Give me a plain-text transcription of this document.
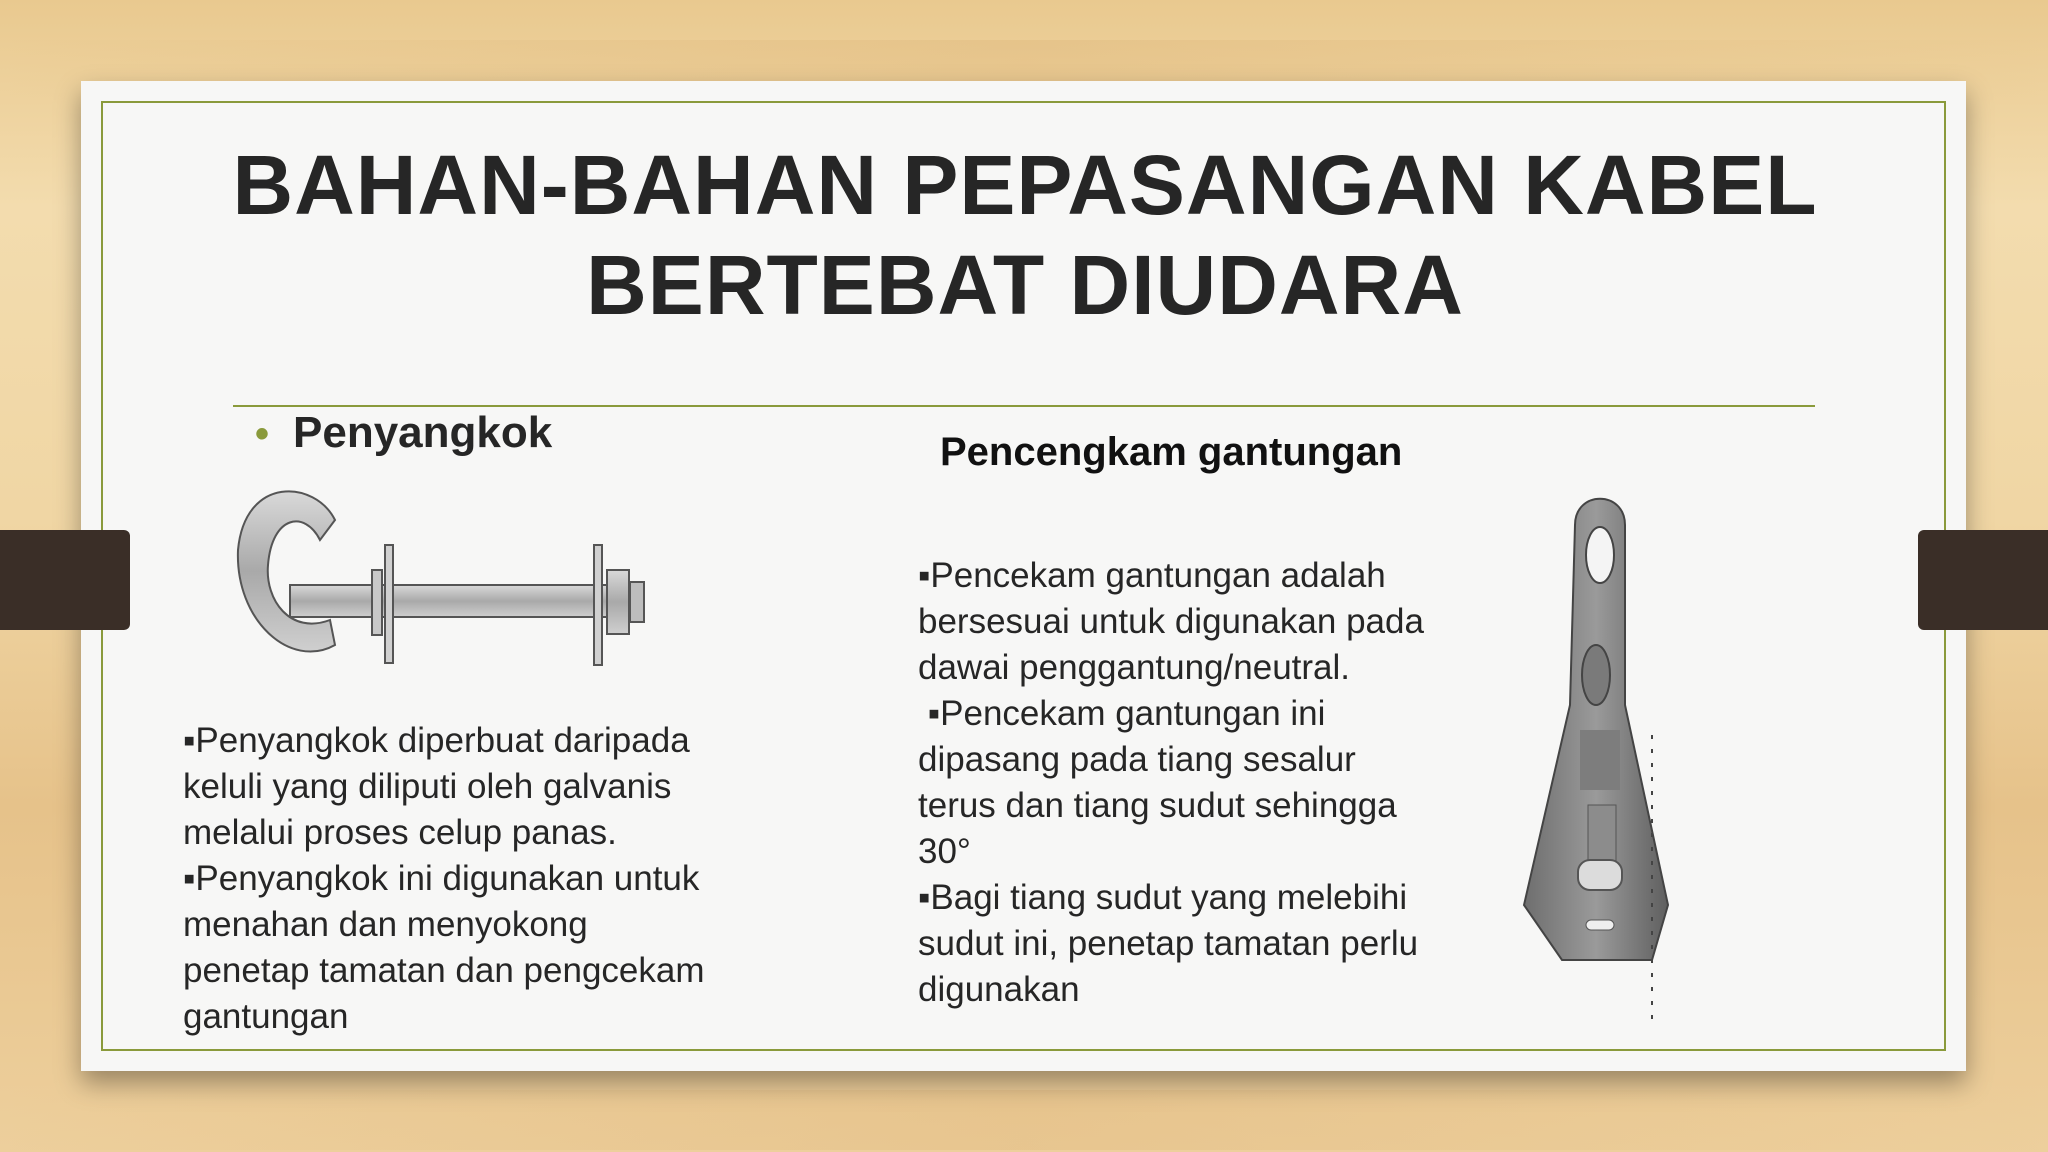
BAHAN-BAHAN PEPASANGAN KABEL
BERTEBAT DIUDARA
• Penyangkok

▪Penyangkok diperbuat daripada

keluli yang diliputi oleh galvanis

melalui proses celup panas.

▪Penyangkok ini digunakan untuk

menahan dan menyokong

penetap tamatan dan pengcekam

gantungan

Pencengkam gantungan

▪Pencekam gantungan adalah

bersesuai untuk digunakan pada

dawai penggantung/neutral.

▪Pencekam gantungan ini

dipasang pada tiang sesalur

terus dan tiang sudut sehingga

30°

▪Bagi tiang sudut yang melebihi

sudut ini, penetap tamatan perlu

digunakan
